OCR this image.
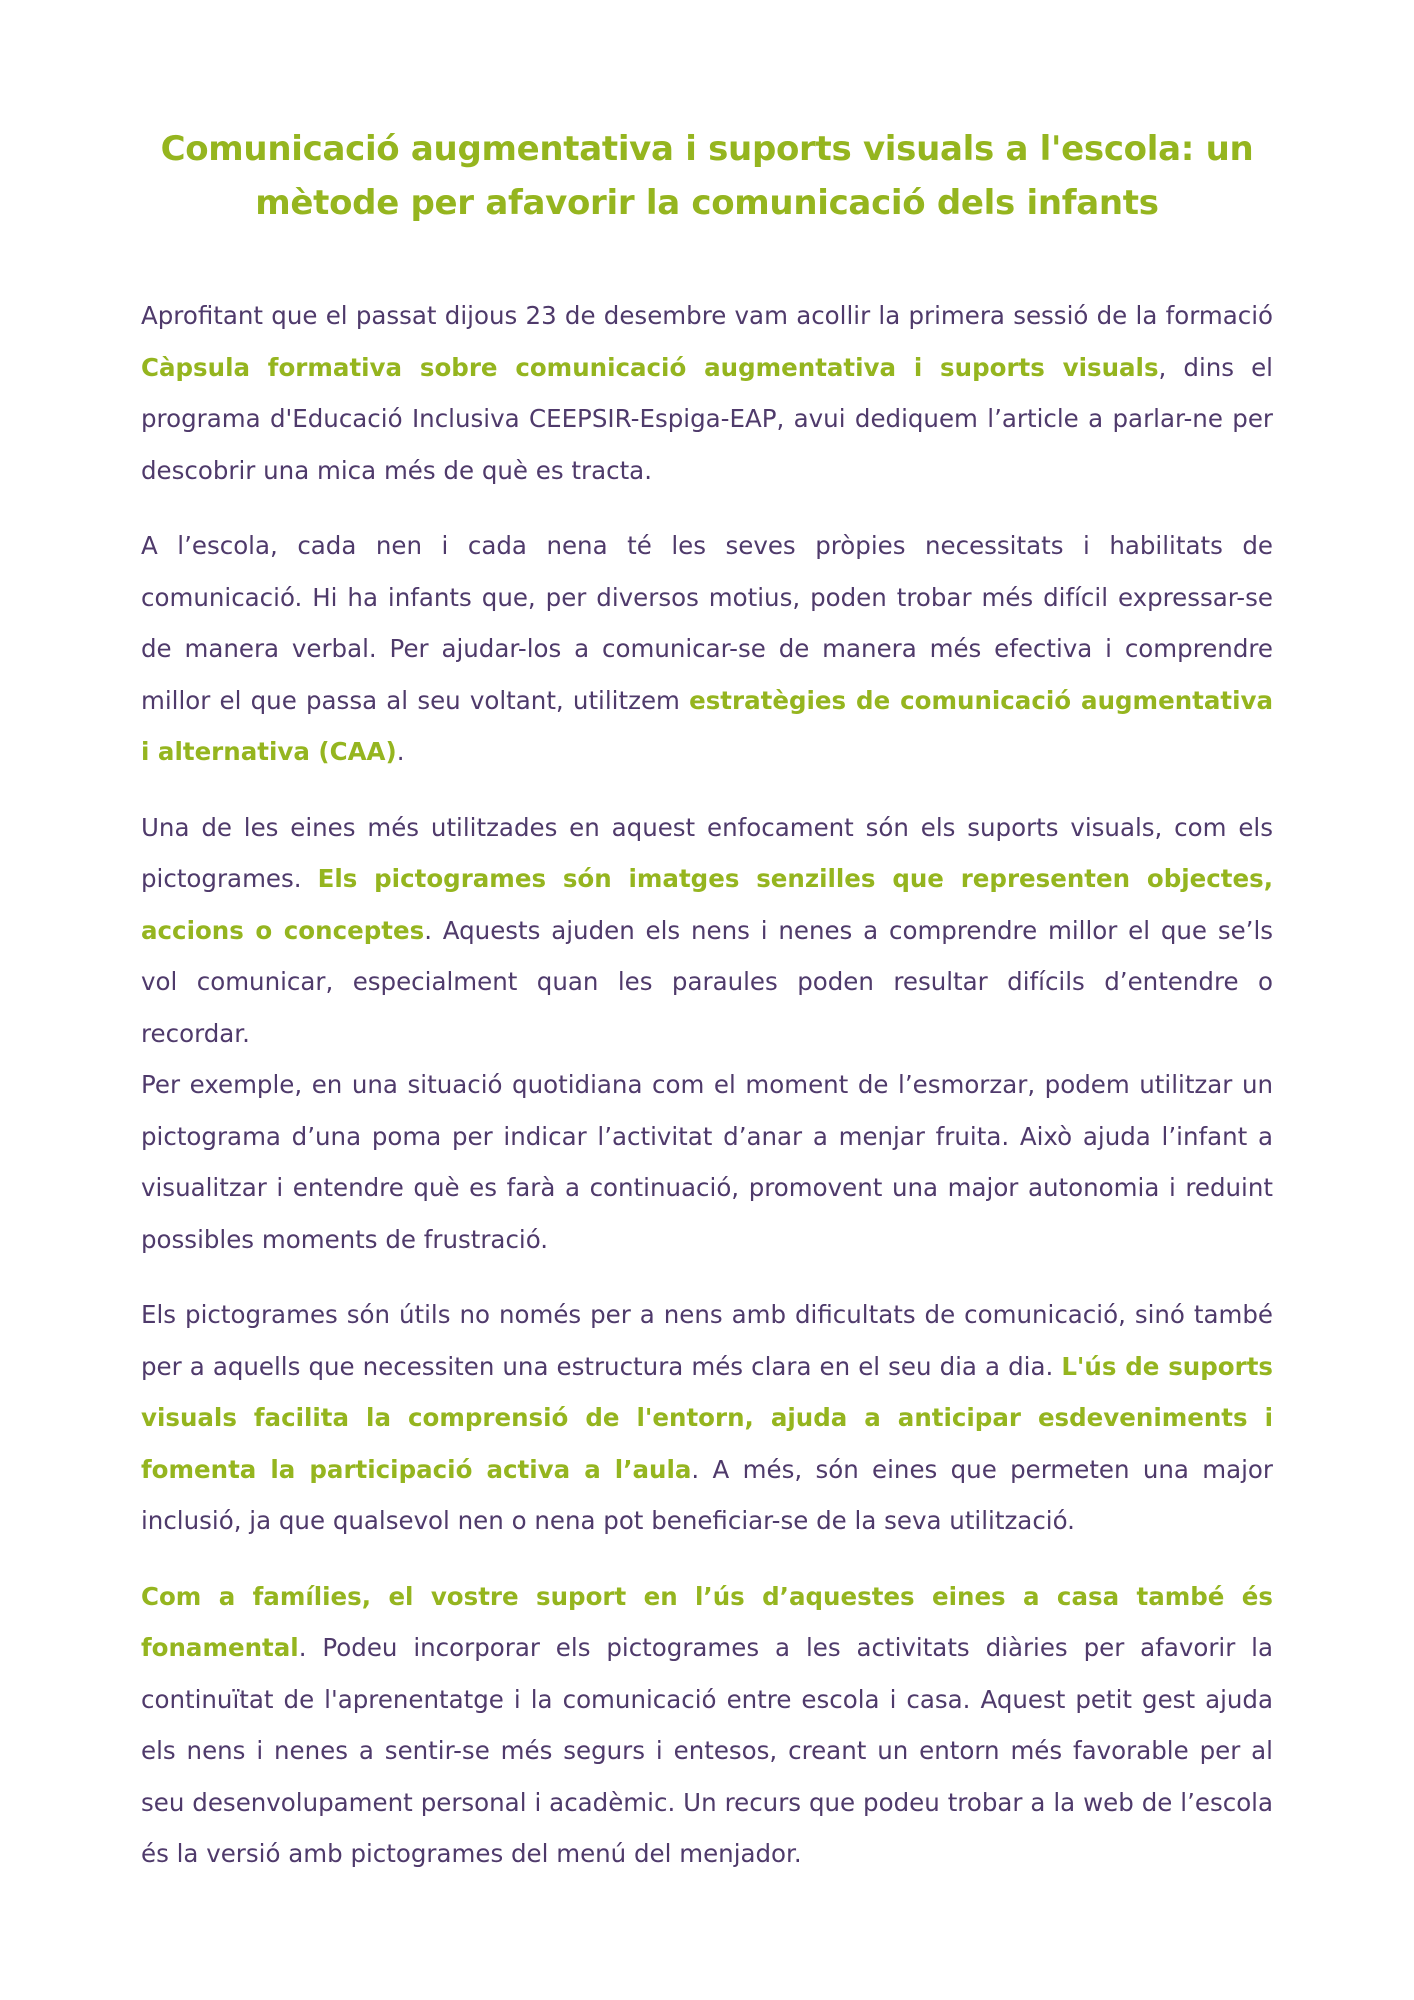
Comunicació augmentativa i suports visuals a l'escola: un mètode per afavorir la comunicació dels infants

Aprofitant que el passat dijous 23 de desembre vam acollir la primera sessió de la formació Càpsula formativa sobre comunicació augmentativa i suports visuals, dins el programa d'Educació Inclusiva CEEPSIR-Espiga-EAP, avui dediquem l’article a parlar-ne per descobrir una mica més de què es tracta.

A l’escola, cada nen i cada nena té les seves pròpies necessitats i habilitats de comunicació. Hi ha infants que, per diversos motius, poden trobar més difícil expressar-se de manera verbal. Per ajudar-los a comunicar-se de manera més efectiva i comprendre millor el que passa al seu voltant, utilitzem estratègies de comunicació augmentativa i alternativa (CAA).

Una de les eines més utilitzades en aquest enfocament són els suports visuals, com els pictogrames. Els pictogrames són imatges senzilles que representen objectes, accions o conceptes. Aquests ajuden els nens i nenes a comprendre millor el que se’ls vol comunicar, especialment quan les paraules poden resultar difícils d’entendre o recordar.

Per exemple, en una situació quotidiana com el moment de l’esmorzar, podem utilitzar un pictograma d’una poma per indicar l’activitat d’anar a menjar fruita. Això ajuda l’infant a visualitzar i entendre què es farà a continuació, promovent una major autonomia i reduint possibles moments de frustració.

Els pictogrames són útils no només per a nens amb dificultats de comunicació, sinó també per a aquells que necessiten una estructura més clara en el seu dia a dia. L'ús de suports visuals facilita la comprensió de l'entorn, ajuda a anticipar esdeveniments i fomenta la participació activa a l’aula. A més, són eines que permeten una major inclusió, ja que qualsevol nen o nena pot beneficiar-se de la seva utilització.

Com a famílies, el vostre suport en l’ús d’aquestes eines a casa també és fonamental. Podeu incorporar els pictogrames a les activitats diàries per afavorir la continuïtat de l'aprenentatge i la comunicació entre escola i casa. Aquest petit gest ajuda els nens i nenes a sentir-se més segurs i entesos, creant un entorn més favorable per al seu desenvolupament personal i acadèmic. Un recurs que podeu trobar a la web de l’escola és la versió amb pictogrames del menú del menjador.
